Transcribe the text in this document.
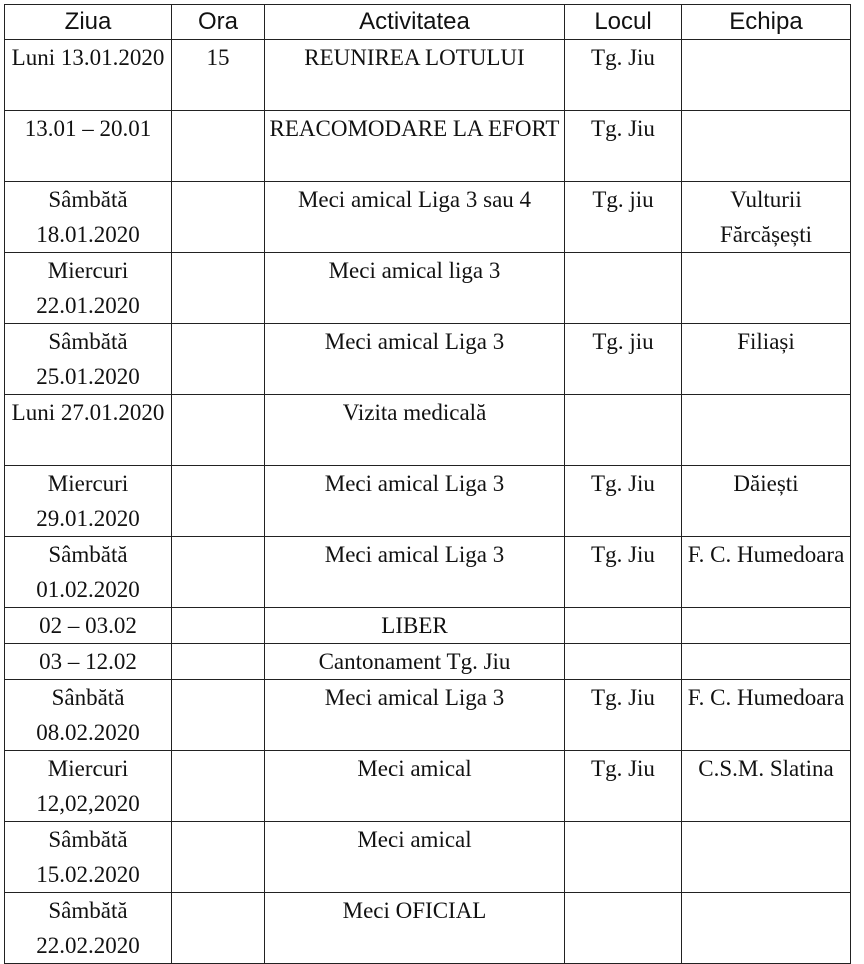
Ziua	Ora	Activitatea	Locul	Echipa
Luni 13.01.2020	15	REUNIREA LOTULUI	Tg. Jiu	
13.01 – 20.01		REACOMODARE LA EFORT	Tg. Jiu	
Sâmbătă 18.01.2020		Meci amical Liga 3 sau 4	Tg. jiu	Vulturii Fărcășești
Miercuri 22.01.2020		Meci amical liga 3		
Sâmbătă 25.01.2020		Meci amical Liga 3	Tg. jiu	Filiași
Luni 27.01.2020		Vizita medicală		
Miercuri 29.01.2020		Meci amical Liga 3	Tg. Jiu	Dăiești
Sâmbătă 01.02.2020		Meci amical Liga 3	Tg. Jiu	F. C. Humedoara
02 – 03.02		LIBER		
03 – 12.02		Cantonament Tg. Jiu		
Sânbătă 08.02.2020		Meci amical Liga 3	Tg. Jiu	F. C. Humedoara
Miercuri 12,02,2020		Meci amical	Tg. Jiu	C.S.M. Slatina
Sâmbătă 15.02.2020		Meci amical		
Sâmbătă 22.02.2020		Meci OFICIAL		
